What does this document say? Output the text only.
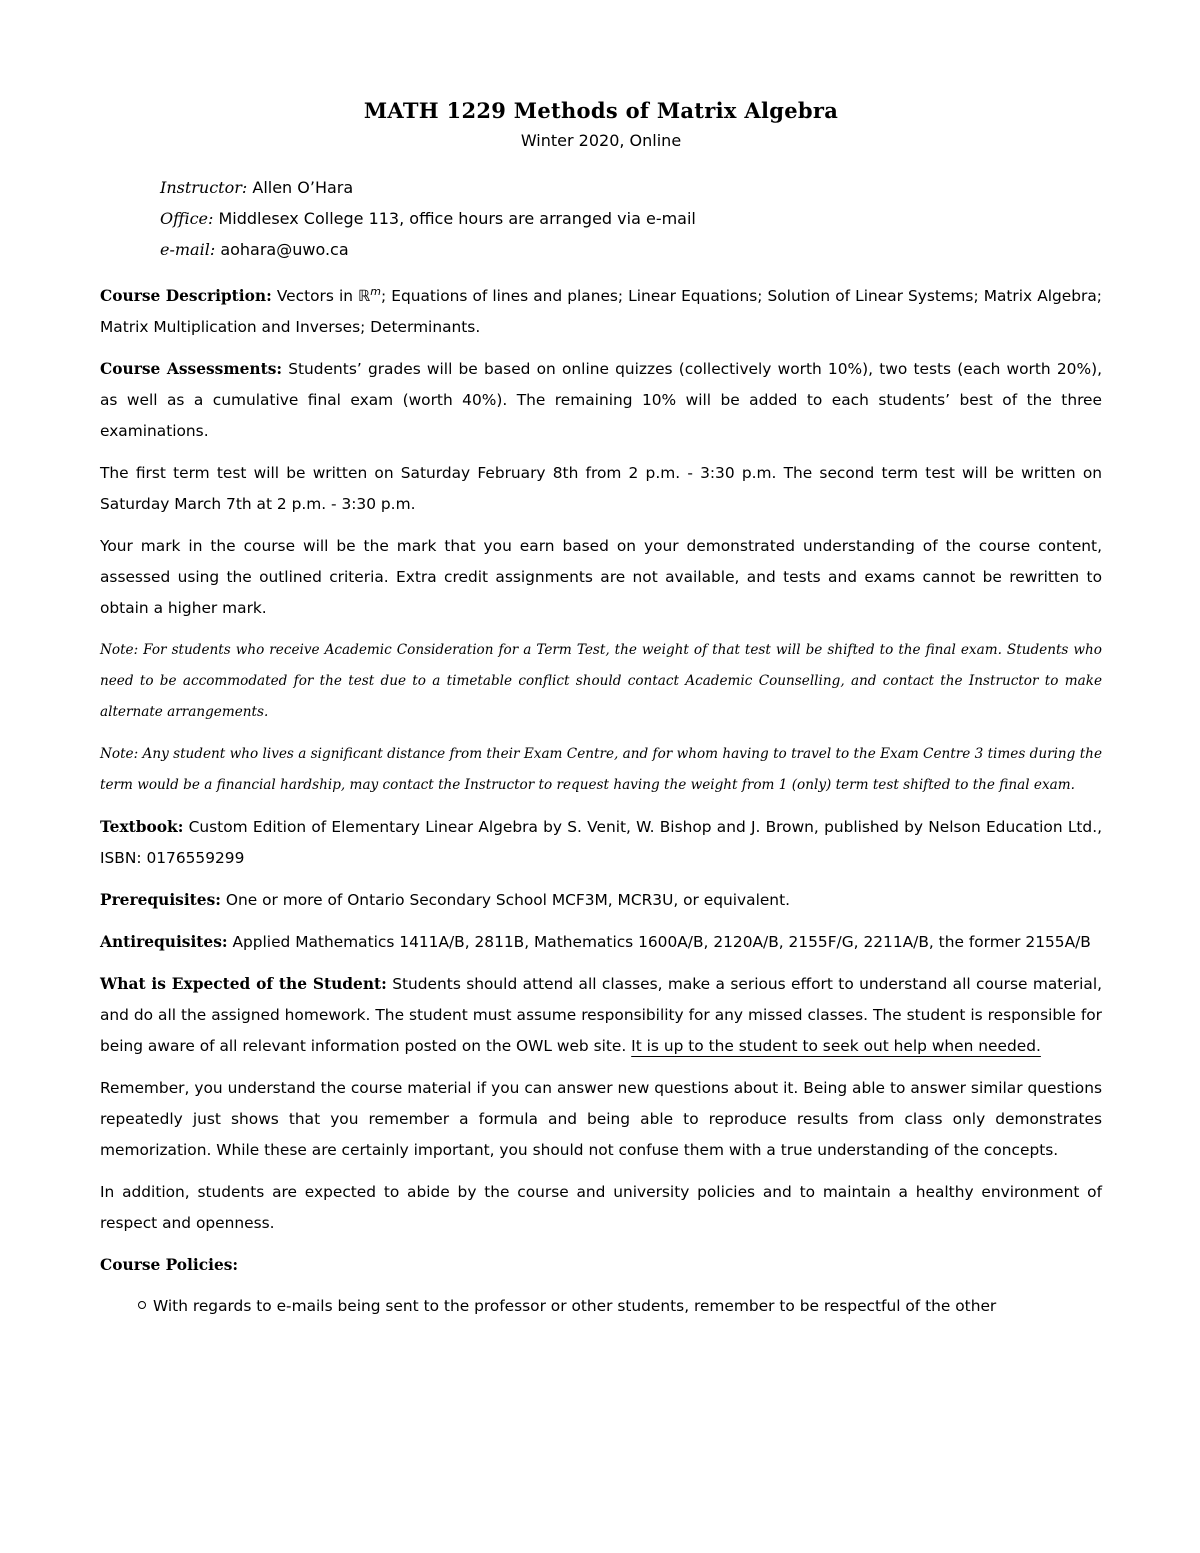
MATH 1229 Methods of Matrix Algebra

Winter 2020, Online

Instructor: Allen O’Hara
Office: Middlesex College 113, office hours are arranged via e-mail
e-mail: aohara@uwo.ca

Course Description: Vectors in ℝ$^m$; Equations of lines and planes; Linear Equations; Solution of Linear Systems; Matrix Algebra; Matrix Multiplication and Inverses; Determinants.

Course Assessments: Students’ grades will be based on online quizzes (collectively worth 10%), two tests (each worth 20%), as well as a cumulative final exam (worth 40%). The remaining 10% will be added to each students’ best of the three examinations.

The first term test will be written on Saturday February 8th from 2 p.m. - 3:30 p.m. The second term test will be written on Saturday March 7th at 2 p.m. - 3:30 p.m.

Your mark in the course will be the mark that you earn based on your demonstrated understanding of the course content, assessed using the outlined criteria. Extra credit assignments are not available, and tests and exams cannot be rewritten to obtain a higher mark.

Note: For students who receive Academic Consideration for a Term Test, the weight of that test will be shifted to the final exam. Students who need to be accommodated for the test due to a timetable conflict should contact Academic Counselling, and contact the Instructor to make alternate arrangements.

Note: Any student who lives a significant distance from their Exam Centre, and for whom having to travel to the Exam Centre 3 times during the term would be a financial hardship, may contact the Instructor to request having the weight from 1 (only) term test shifted to the final exam.

Textbook: Custom Edition of Elementary Linear Algebra by S. Venit, W. Bishop and J. Brown, published by Nelson Education Ltd., ISBN: 0176559299

Prerequisites: One or more of Ontario Secondary School MCF3M, MCR3U, or equivalent.

Antirequisites: Applied Mathematics 1411A/B, 2811B, Mathematics 1600A/B, 2120A/B, 2155F/G, 2211A/B, the former 2155A/B

What is Expected of the Student: Students should attend all classes, make a serious effort to understand all course material, and do all the assigned homework. The student must assume responsibility for any missed classes. The student is responsible for being aware of all relevant information posted on the OWL web site. It is up to the student to seek out help when needed.

Remember, you understand the course material if you can answer new questions about it. Being able to answer similar questions repeatedly just shows that you remember a formula and being able to reproduce results from class only demonstrates memorization. While these are certainly important, you should not confuse them with a true understanding of the concepts.

In addition, students are expected to abide by the course and university policies and to maintain a healthy environment of respect and openness.

Course Policies:

With regards to e-mails being sent to the professor or other students, remember to be respectful of the other
